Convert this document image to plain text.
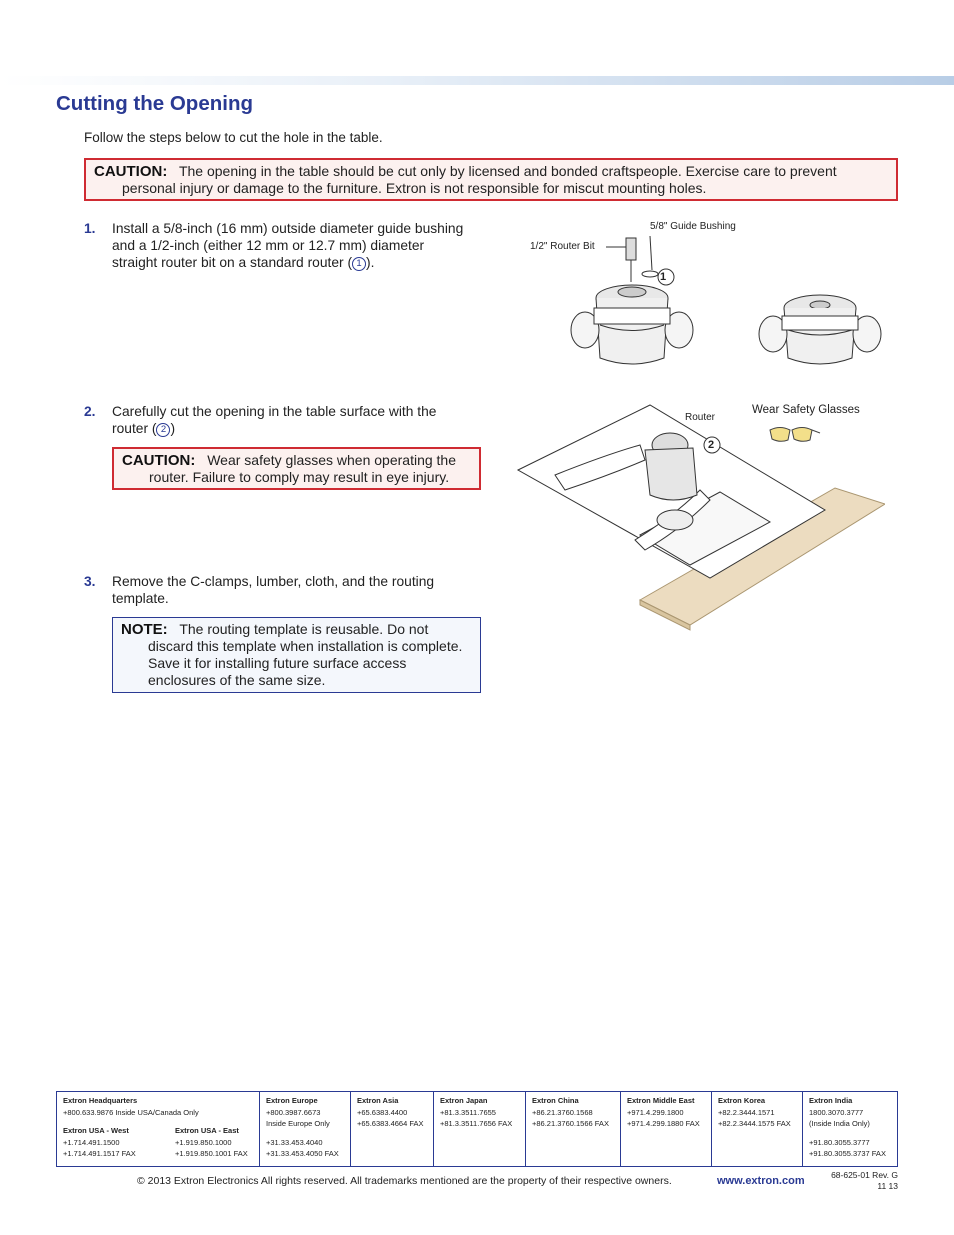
Cutting the Opening
Follow the steps below to cut the hole in the table.
CAUTION: The opening in the table should be cut only by licensed and bonded craftspeople. Exercise care to prevent
personal injury or damage to the furniture. Extron is not responsible for miscut mounting holes.
1. Install a 5/8-inch (16 mm) outside diameter guide bushing
and a 1/2-inch (either 12 mm or 12.7 mm) diameter
straight router bit on a standard router ( 1 ).
2. Carefully cut the opening in the table surface with the
router ( 2 )
CAUTION: Wear safety glasses when operating the
router. Failure to comply may result in eye injury.
3. Remove the C-clamps, lumber, cloth, and the routing
template.
NOTE: The routing template is reusable. Do not
discard this template when installation is complete.
Save it for installing future surface access
enclosures of the same size.
5/8" Guide Bushing
1/2" Router Bit
1
Router
Wear Safety Glasses
2
Extron Headquarters
+800.633.9876 Inside USA/Canada Only
Extron USA - West
+1.714.491.1500
+1.714.491.1517 FAX
Extron USA - East
+1.919.850.1000
+1.919.850.1001 FAX
Extron Europe
+800.3987.6673
Inside Europe Only
+31.33.453.4040
+31.33.453.4050 FAX
Extron Asia
+65.6383.4400
+65.6383.4664 FAX
Extron Japan
+81.3.3511.7655
+81.3.3511.7656 FAX
Extron China
+86.21.3760.1568
+86.21.3760.1566 FAX
Extron Middle East
+971.4.299.1800
+971.4.299.1880 FAX
Extron Korea
+82.2.3444.1571
+82.2.3444.1575 FAX
Extron India
1800.3070.3777
(Inside India Only)
+91.80.3055.3777
+91.80.3055.3737 FAX
© 2013 Extron Electronics All rights reserved. All trademarks mentioned are the property of their respective owners.	www.extron.com	68-625-01 Rev. G
11 13
